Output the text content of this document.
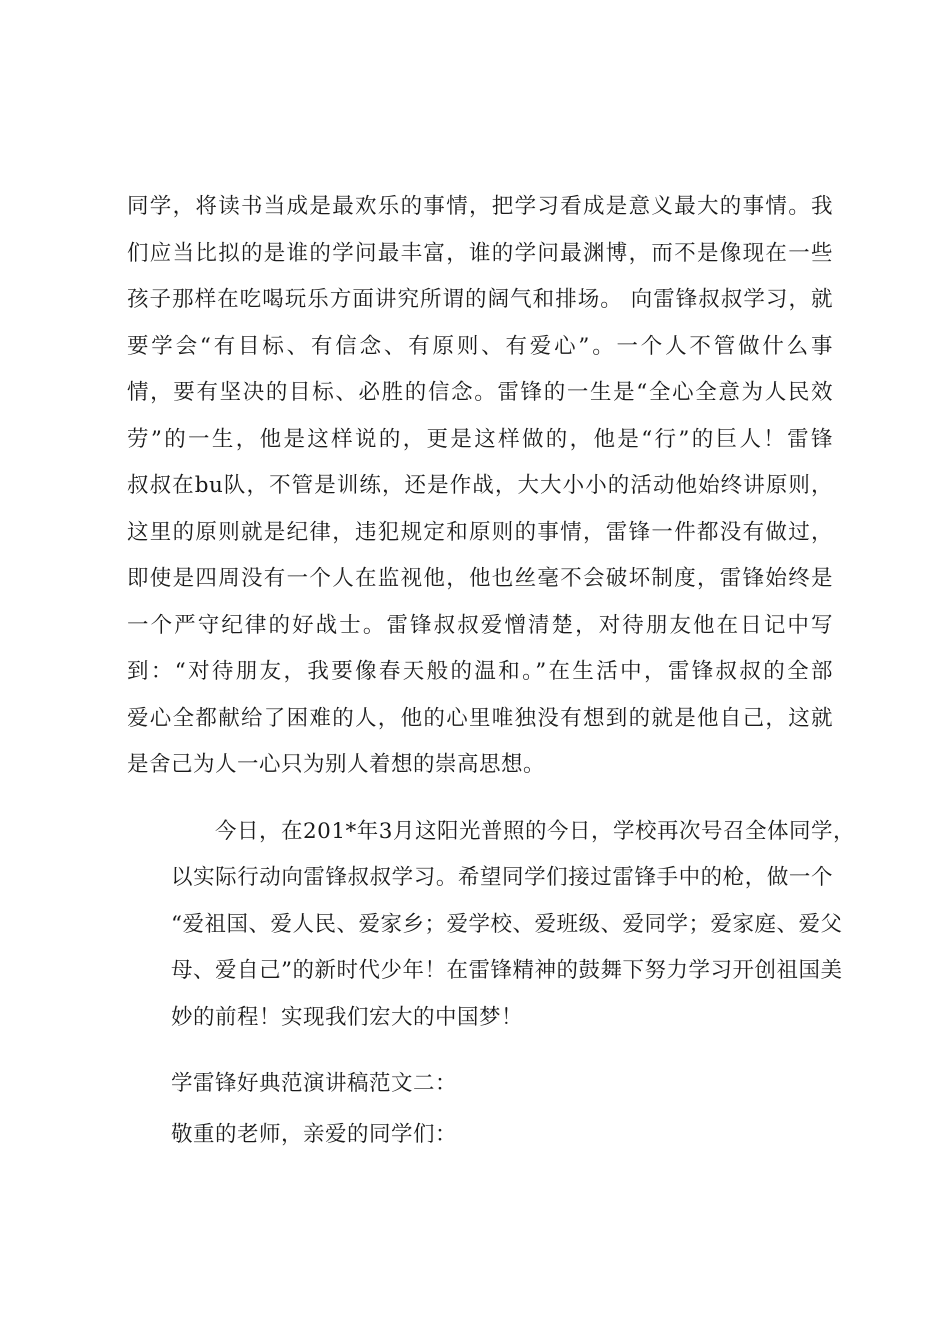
同学，将读书当成是最欢乐的事情，把学习看成是意义最大的事情。我
们应当比拟的是谁的学问最丰富，谁的学问最渊博，而不是像现在一些
孩子那样在吃喝玩乐方面讲究所谓的阔气和排场。 向雷锋叔叔学习，就
要学会“有目标、有信念、有原则、有爱心”。一个人不管做什么事
情，要有坚决的目标、必胜的信念。雷锋的一生是“全心全意为人民效
劳”的一生，他是这样说的，更是这样做的，他是“行”的巨人！雷锋
叔叔在bu队，不管是训练，还是作战，大大小小的活动他始终讲原则，
这里的原则就是纪律，违犯规定和原则的事情，雷锋一件都没有做过，
即使是四周没有一个人在监视他，他也丝毫不会破坏制度，雷锋始终是
一个严守纪律的好战士。雷锋叔叔爱憎清楚，对待朋友他在日记中写
到：“对待朋友，我要像春天般的温和。”在生活中，雷锋叔叔的全部
爱心全都献给了困难的人，他的心里唯独没有想到的就是他自己，这就
是舍己为人一心只为别人着想的崇高思想。
今日，在201*年3月这阳光普照的今日，学校再次号召全体同学，
以实际行动向雷锋叔叔学习。希望同学们接过雷锋手中的枪，做一个
“爱祖国、爱人民、爱家乡；爱学校、爱班级、爱同学；爱家庭、爱父
母、爱自己”的新时代少年！在雷锋精神的鼓舞下努力学习开创祖国美
妙的前程！实现我们宏大的中国梦！
学雷锋好典范演讲稿范文二：
敬重的老师，亲爱的同学们：
